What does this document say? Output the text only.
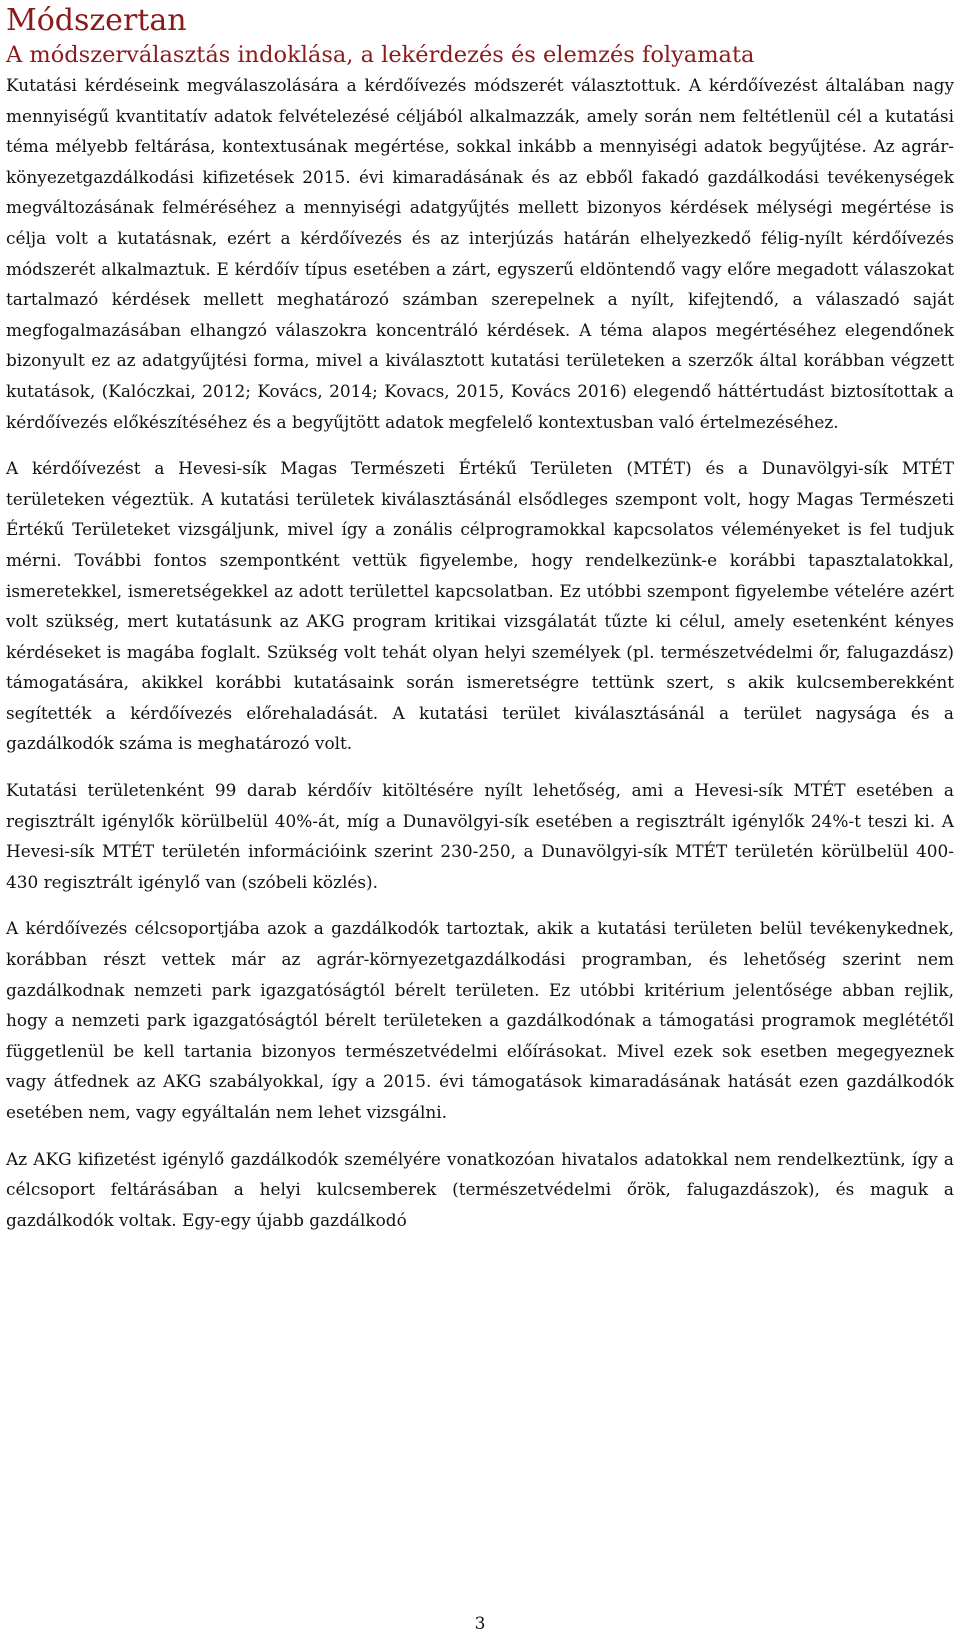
Módszertan
A módszerválasztás indoklása, a lekérdezés és elemzés folyamata

Kutatási kérdéseink megválaszolására a kérdőívezés módszerét választottuk. A kérdőívezést általában nagy mennyiségű kvantitatív adatok felvételezésé céljából alkalmazzák, amely során nem feltétlenül cél a kutatási téma mélyebb feltárása, kontextusának megértése, sokkal inkább a mennyiségi adatok begyűjtése. Az agrár-könyezetgazdálkodási kifizetések 2015. évi kimaradásának és az ebből fakadó gazdálkodási tevékenységek megváltozásának felméréséhez a mennyiségi adatgyűjtés mellett bizonyos kérdések mélységi megértése is célja volt a kutatásnak, ezért a kérdőívezés és az interjúzás határán elhelyezkedő félig-nyílt kérdőívezés módszerét alkalmaztuk. E kérdőív típus esetében a zárt, egyszerű eldöntendő vagy előre megadott válaszokat tartalmazó kérdések mellett meghatározó számban szerepelnek a nyílt, kifejtendő, a válaszadó saját megfogalmazásában elhangzó válaszokra koncentráló kérdések. A téma alapos megértéséhez elegendőnek bizonyult ez az adatgyűjtési forma, mivel a kiválasztott kutatási területeken a szerzők által korábban végzett kutatások, (Kalóczkai, 2012; Kovács, 2014; Kovacs, 2015, Kovács 2016) elegendő háttértudást biztosítottak a kérdőívezés előkészítéséhez és a begyűjtött adatok megfelelő kontextusban való értelmezéséhez.

A kérdőívezést a Hevesi-sík Magas Természeti Értékű Területen (MTÉT) és a Dunavölgyi-sík MTÉT területeken végeztük. A kutatási területek kiválasztásánál elsődleges szempont volt, hogy Magas Természeti Értékű Területeket vizsgáljunk, mivel így a zonális célprogramokkal kapcsolatos véleményeket is fel tudjuk mérni. További fontos szempontként vettük figyelembe, hogy rendelkezünk-e korábbi tapasztalatokkal, ismeretekkel, ismeretségekkel az adott területtel kapcsolatban. Ez utóbbi szempont figyelembe vételére azért volt szükség, mert kutatásunk az AKG program kritikai vizsgálatát tűzte ki célul, amely esetenként kényes kérdéseket is magába foglalt. Szükség volt tehát olyan helyi személyek (pl. természetvédelmi őr, falugazdász) támogatására, akikkel korábbi kutatásaink során ismeretségre tettünk szert, s akik kulcsemberekként segítették a kérdőívezés előrehaladását. A kutatási terület kiválasztásánál a terület nagysága és a gazdálkodók száma is meghatározó volt.

Kutatási területenként 99 darab kérdőív kitöltésére nyílt lehetőség, ami a Hevesi-sík MTÉT esetében a regisztrált igénylők körülbelül 40%-át, míg a Dunavölgyi-sík esetében a regisztrált igénylők 24%-t teszi ki. A Hevesi-sík MTÉT területén információink szerint 230-250, a Dunavölgyi-sík MTÉT területén körülbelül 400-430 regisztrált igénylő van (szóbeli közlés).

A kérdőívezés célcsoportjába azok a gazdálkodók tartoztak, akik a kutatási területen belül tevékenykednek, korábban részt vettek már az agrár-környezetgazdálkodási programban, és lehetőség szerint nem gazdálkodnak nemzeti park igazgatóságtól bérelt területen. Ez utóbbi kritérium jelentősége abban rejlik, hogy a nemzeti park igazgatóságtól bérelt területeken a gazdálkodónak a támogatási programok meglététől függetlenül be kell tartania bizonyos természetvédelmi előírásokat. Mivel ezek sok esetben megegyeznek vagy átfednek az AKG szabályokkal, így a 2015. évi támogatások kimaradásának hatását ezen gazdálkodók esetében nem, vagy egyáltalán nem lehet vizsgálni.

Az AKG kifizetést igénylő gazdálkodók személyére vonatkozóan hivatalos adatokkal nem rendelkeztünk, így a célcsoport feltárásában a helyi kulcsemberek (természetvédelmi őrök, falugazdászok), és maguk a gazdálkodók voltak. Egy-egy újabb gazdálkodó

3
